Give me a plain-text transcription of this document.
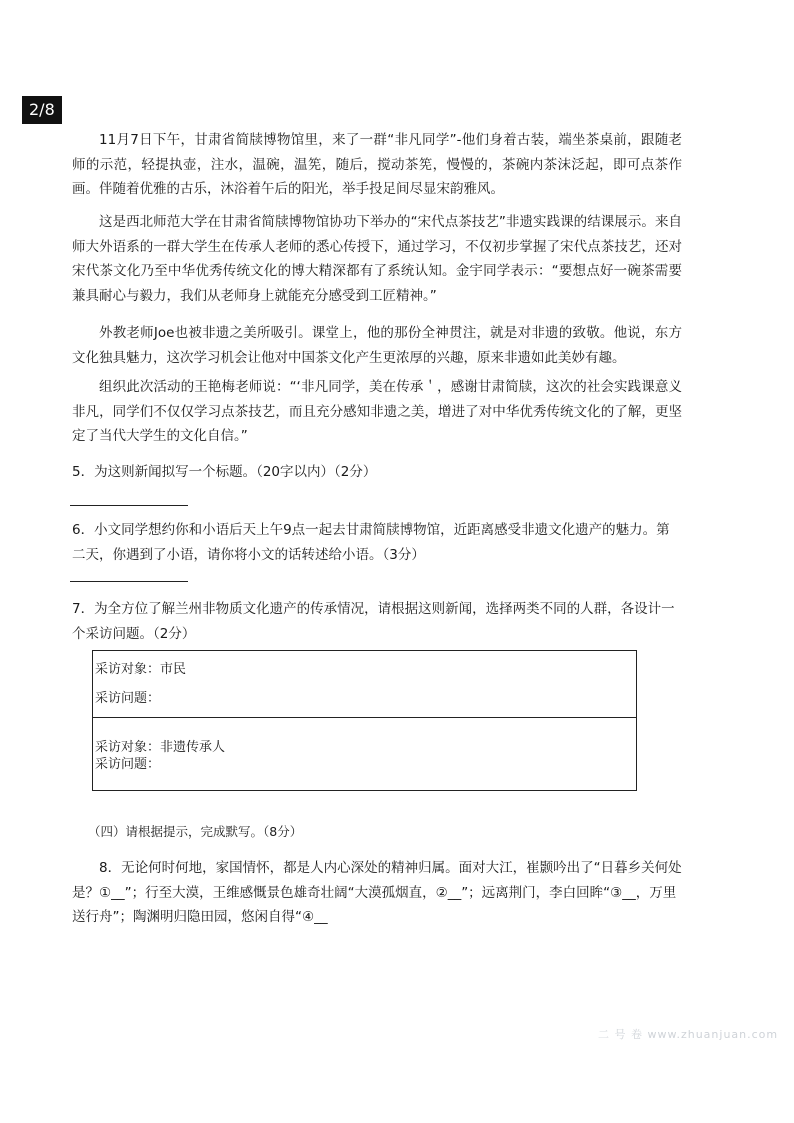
2/8

11月7日下午，甘肃省简牍博物馆里，来了一群“非凡同学”-他们身着古装，端坐茶桌前，跟随老师的示范，轻提执壶，注水，温碗，温筅，随后，搅动茶筅，慢慢的，茶碗内茶沫泛起，即可点茶作画。伴随着优雅的古乐，沐浴着午后的阳光，举手投足间尽显宋韵雅风。

这是西北师范大学在甘肃省简牍博物馆协功下举办的“宋代点茶技艺”非遗实践课的结课展示。来自师大外语系的一群大学生在传承人老师的悉心传授下，通过学习，不仅初步掌握了宋代点茶技艺，还对宋代茶文化乃至中华优秀传统文化的博大精深都有了系统认知。金宇同学表示：“要想点好一碗茶需要兼具耐心与毅力，我们从老师身上就能充分感受到工匠精神。”

外教老师Joe也被非遗之美所吸引。课堂上，他的那份全神贯注，就是对非遗的致敬。他说，东方文化独具魅力，这次学习机会让他对中国茶文化产生更浓厚的兴趣，原来非遗如此美妙有趣。

组织此次活动的王艳梅老师说：“‘非凡同学，美在传承＇，感谢甘肃简牍，这次的社会实践课意义非凡，同学们不仅仅学习点茶技艺，而且充分感知非遗之美，增进了对中华优秀传统文化的了解，更坚定了当代大学生的文化自信。”

5．为这则新闻拟写一个标题。（20字以内）（2分）

6．小文同学想约你和小语后天上午9点一起去甘肃简牍博物馆，近距离感受非遗文化遗产的魅力。第二天，你遇到了小语，请你将小文的话转述给小语。（3分）

7．为全方位了解兰州非物质文化遗产的传承情况，请根据这则新闻，选择两类不同的人群，各设计一个采访问题。（2分）

采访对象：市民

采访问题：

采访对象：非遗传承人

采访问题：

（四）请根据提示，完成默写。（8分）

8．无论何时何地，家国情怀，都是人内心深处的精神归属。面对大江，崔颢吟出了“日暮乡关何处是？①__”；行至大漠，王维感慨景色雄奇壮阔“大漠孤烟直，②__”；远离荆门，李白回眸“③__，万里送行舟”；陶渊明归隐田园，悠闲自得“④__

二 号 卷 www.zhuanjuan.com
